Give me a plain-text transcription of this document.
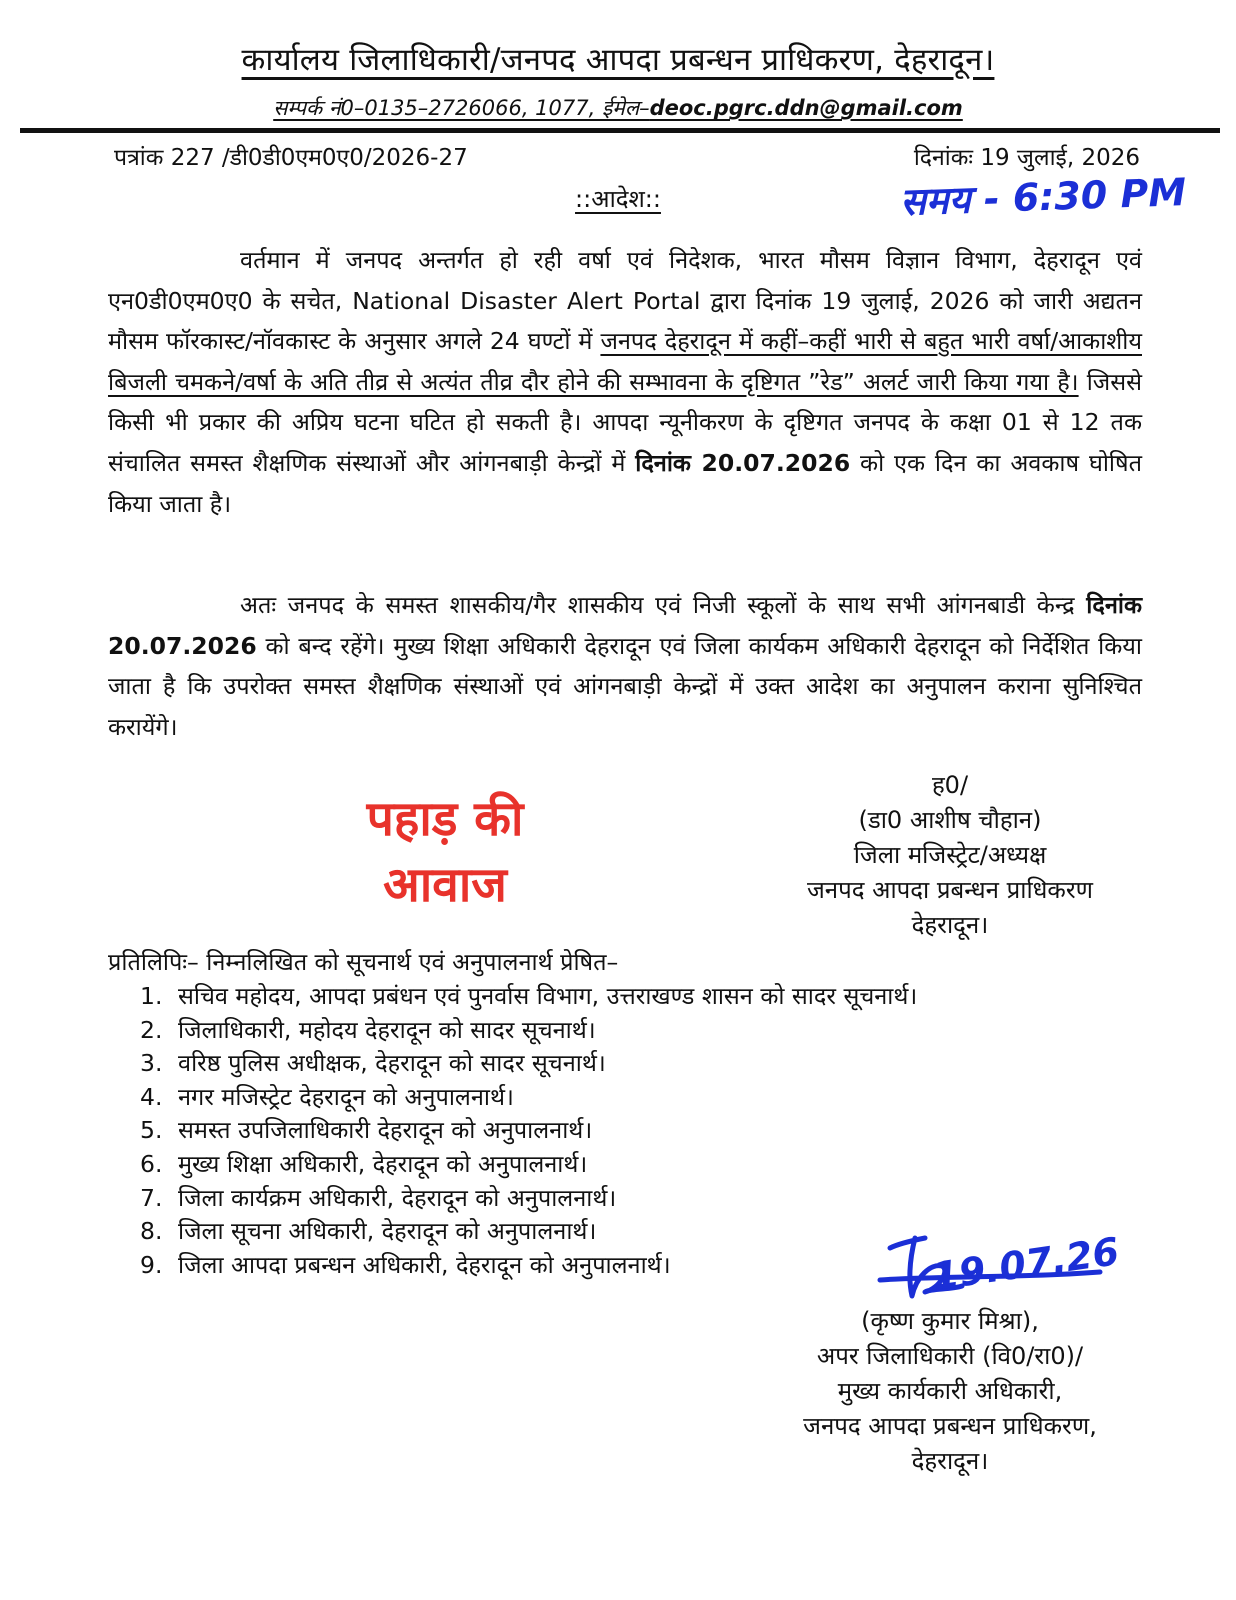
कार्यालय जिलाधिकारी/जनपद आपदा प्रबन्धन प्राधिकरण, देहरादून।
सम्पर्क नं0–0135–2726066, 1077, ईमेल–deoc.pgrc.ddn@gmail.com
पत्रांक 227 /डी0डी0एम0ए0/2026-27	दिनांकः 19 जुलाई, 2026
समय - 6:30 PM
::आदेश::

वर्तमान में जनपद अन्तर्गत हो रही वर्षा एवं निदेशक, भारत मौसम विज्ञान विभाग, देहरादून एवं एन0डी0एम0ए0 के सचेत, National Disaster Alert Portal द्वारा दिनांक 19 जुलाई, 2026 को जारी अद्यतन मौसम फॉरकास्ट/नॉवकास्ट के अनुसार अगले 24 घण्टों में जनपद देहरादून में कहीं–कहीं भारी से बहुत भारी वर्षा/आकाशीय बिजली चमकने/वर्षा के अति तीव्र से अत्यंत तीव्र दौर होने की सम्भावना के दृष्टिगत ”रेड” अलर्ट जारी किया गया है। जिससे किसी भी प्रकार की अप्रिय घटना घटित हो सकती है। आपदा न्यूनीकरण के दृष्टिगत जनपद के कक्षा 01 से 12 तक संचालित समस्त शैक्षणिक संस्थाओं और आंगनबाड़ी केन्द्रों में दिनांक 20.07.2026 को एक दिन का अवकाष घोषित किया जाता है।

अतः जनपद के समस्त शासकीय/गैर शासकीय एवं निजी स्कूलों के साथ सभी आंगनबाडी केन्द्र दिनांक 20.07.2026 को बन्द रहेंगे। मुख्य शिक्षा अधिकारी देहरादून एवं जिला कार्यकम अधिकारी देहरादून को निर्देशित किया जाता है कि उपरोक्त समस्त शैक्षणिक संस्थाओं एवं आंगनबाड़ी केन्द्रों में उक्त आदेश का अनुपालन कराना सुनिश्चित करायेंगे।

पहाड़ की
आवाज
ह0/
(डा0 आशीष चौहान)
जिला मजिस्ट्रेट/अध्यक्ष
जनपद आपदा प्रबन्धन प्राधिकरण
देहरादून।
प्रतिलिपिः– निम्नलिखित को सूचनार्थ एवं अनुपालनार्थ प्रेषित–
1. सचिव महोदय, आपदा प्रबंधन एवं पुनर्वास विभाग, उत्तराखण्ड शासन को सादर सूचनार्थ।
2. जिलाधिकारी, महोदय देहरादून को सादर सूचनार्थ।
3. वरिष्ठ पुलिस अधीक्षक, देहरादून को सादर सूचनार्थ।
4. नगर मजिस्ट्रेट देहरादून को अनुपालनार्थ।
5. समस्त उपजिलाधिकारी देहरादून को अनुपालनार्थ।
6. मुख्य शिक्षा अधिकारी, देहरादून को अनुपालनार्थ।
7. जिला कार्यक्रम अधिकारी, देहरादून को अनुपालनार्थ।
8. जिला सूचना अधिकारी, देहरादून को अनुपालनार्थ।
9. जिला आपदा प्रबन्धन अधिकारी, देहरादून को अनुपालनार्थ।	19.07.26
(कृष्ण कुमार मिश्रा),
अपर जिलाधिकारी (वि0/रा0)/
मुख्य कार्यकारी अधिकारी,
जनपद आपदा प्रबन्धन प्राधिकरण,
देहरादून।
